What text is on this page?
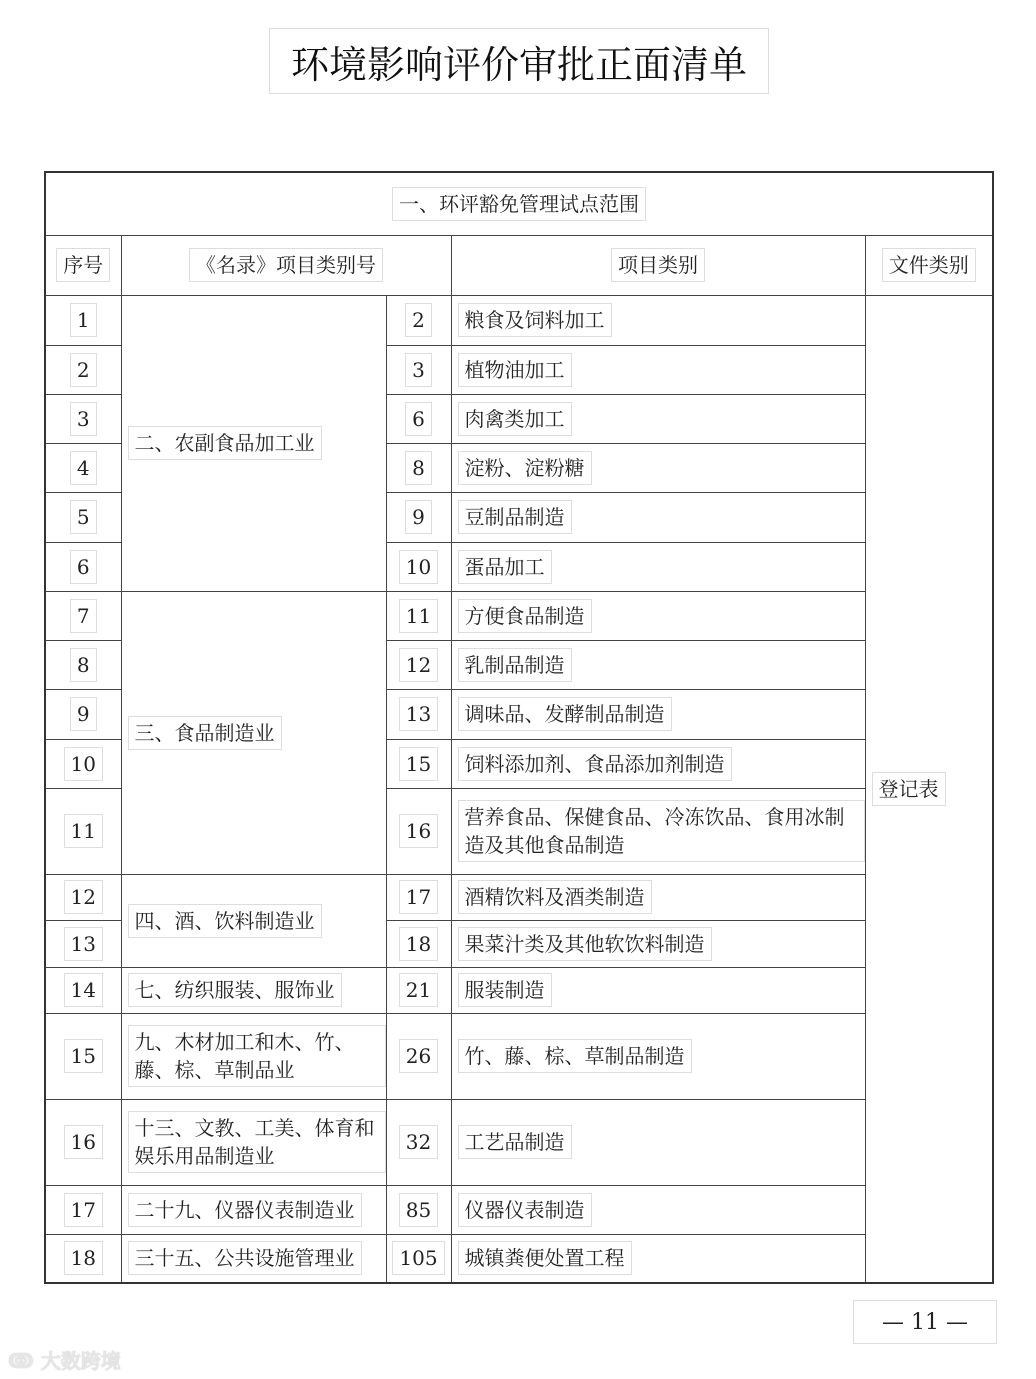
环境影响评价审批正面清单
一、环评豁免管理试点范围				
序号	《名录》项目类别号		项目类别	文件类别
1	二、农副食品加工业	2	粮食及饲料加工	登记表
2		3	植物油加工	
3		6	肉禽类加工	
4		8	淀粉、淀粉糖	
5		9	豆制品制造	
6		10	蛋品加工	
7	三、食品制造业	11	方便食品制造	
8		12	乳制品制造	
9		13	调味品、发酵制品制造	
10		15	饲料添加剂、食品添加剂制造	
11		16	营养食品、保健食品、冷冻饮品、食用冰制造及其他食品制造	
12	四、酒、饮料制造业	17	酒精饮料及酒类制造	
13		18	果菜汁类及其他软饮料制造	
14	七、纺织服装、服饰业	21	服装制造	
15	九、木材加工和木、竹、藤、棕、草制品业	26	竹、藤、棕、草制品制造	
16	十三、文教、工美、体育和娱乐用品制造业	32	工艺品制造	
17	二十九、仪器仪表制造业	85	仪器仪表制造	
18	三十五、公共设施管理业	105	城镇粪便处置工程	
— 11 —
ↂ 大数跨境
